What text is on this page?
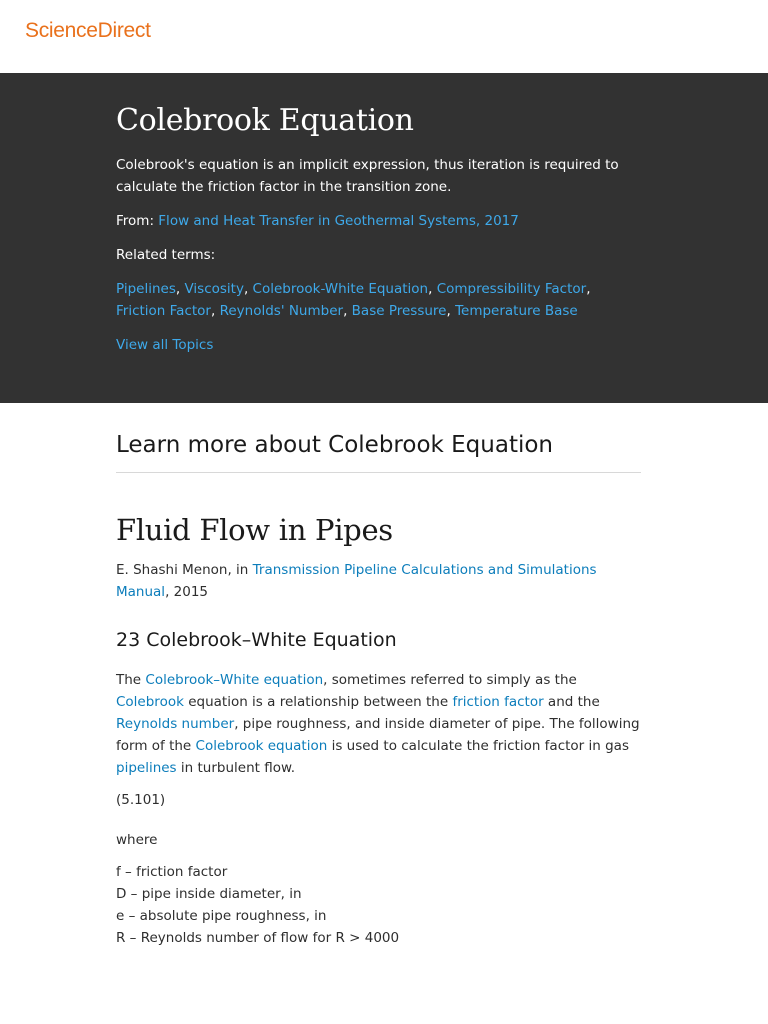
ScienceDirect
Colebrook Equation

Colebrook's equation is an implicit expression, thus iteration is required to calculate the friction factor in the transition zone.

From: Flow and Heat Transfer in Geothermal Systems, 2017

Related terms:

Pipelines, Viscosity, Colebrook-White Equation, Compressibility Factor, Friction Factor, Reynolds' Number, Base Pressure, Temperature Base

View all Topics

Learn more about Colebrook Equation
Fluid Flow in Pipes

E. Shashi Menon, in Transmission Pipeline Calculations and Simulations Manual, 2015

23 Colebrook–White Equation

The Colebrook–White equation, sometimes referred to simply as the Colebrook equation is a relationship between the friction factor and the Reynolds number, pipe roughness, and inside diameter of pipe. The following form of the Colebrook equation is used to calculate the friction factor in gas pipelines in turbulent flow.

(5.101)

where

f – friction factor
D – pipe inside diameter, in
e – absolute pipe roughness, in
R – Reynolds number of flow for R > 4000
